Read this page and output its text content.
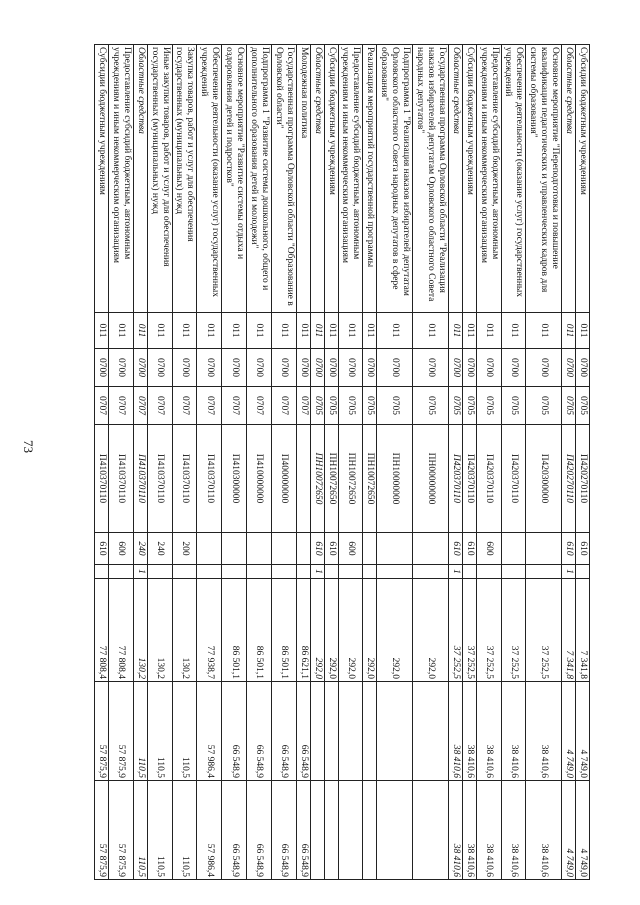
73
Субсидии бюджетным учреждениям	011	0700	0705	П420270110	610		7 341,8	4 749,0	4 749,0
Областные средства	011	0700	0705	П420270110	610	1	7 341,8	4 749,0	4 749,0
Основное мероприятие "Переподготовка и повышение квалификации педагогических и управленческих кадров для системы образования"	011	0700	0705	П420300000			37 252,5	38 410,6	38 410,6
Обеспечение деятельности (оказание услуг) государственных учреждений	011	0700	0705	П420370110			37 252,5	38 410,6	38 410,6
Предоставление субсидий бюджетным, автономным учреждениям и иным некоммерческим организациям	011	0700	0705	П420370110	600		37 252,5	38 410,6	38 410,6
Субсидии бюджетным учреждениям	011	0700	0705	П420370110	610		37 252,5	38 410,6	38 410,6
Областные средства	011	0700	0705	П420370110	610	1	37 252,5	38 410,6	38 410,6
Государственная программа Орловской области "Реализация наказов избирателей депутатам Орловского областного Совета народных депутатов"	011	0700	0705	ПН00000000			292,0		
Подпрограмма 1 "Реализация наказов избирателей депутатам Орловского областного Совета народных депутатов в сфере образования"	011	0700	0705	ПН10000000			292,0		
Реализация мероприятий государственной программы	011	0700	0705	ПН10072650			292,0		
Предоставление субсидий бюджетным, автономным учреждениям и иным некоммерческим организациям	011	0700	0705	ПН10072650	600		292,0		
Субсидии бюджетным учреждениям	011	0700	0705	ПН10072650	610		292,0		
Областные средства	011	0700	0705	ПН10072650	610	1	292,0		
Молодежная политика	011	0700	0707				86 621,1	66 548,9	66 548,9
Государственная программа Орловской области "Образование в Орловской области"	011	0700	0707	П400000000			86 501,1	66 548,9	66 548,9
Подпрограмма 1 "Развитие системы дошкольного, общего и дополнительного образования детей и молодежи"	011	0700	0707	П410000000			86 501,1	66 548,9	66 548,9
Основное мероприятие "Развитие системы отдыха и оздоровления детей и подростков"	011	0700	0707	П410300000			86 501,1	66 548,9	66 548,9
Обеспечение деятельности (оказание услуг) государственных учреждений	011	0700	0707	П410370110			77 938,7	57 986,4	57 986,4
Закупка товаров, работ и услуг для обеспечения государственных (муниципальных) нужд	011	0700	0707	П410370110	200		130,2	110,5	110,5
Иные закупки товаров, работ и услуг для обеспечения государственных (муниципальных) нужд	011	0700	0707	П410370110	240		130,2	110,5	110,5
Областные средства	011	0700	0707	П410370110	240	1	130,2	110,5	110,5
Предоставление субсидий бюджетным, автономным учреждениям и иным некоммерческим организациям	011	0700	0707	П410370110	600		77 808,4	57 875,9	57 875,9
Субсидии бюджетным учреждениям	011	0700	0707	П410370110	610		77 808,4	57 875,9	57 875,9
